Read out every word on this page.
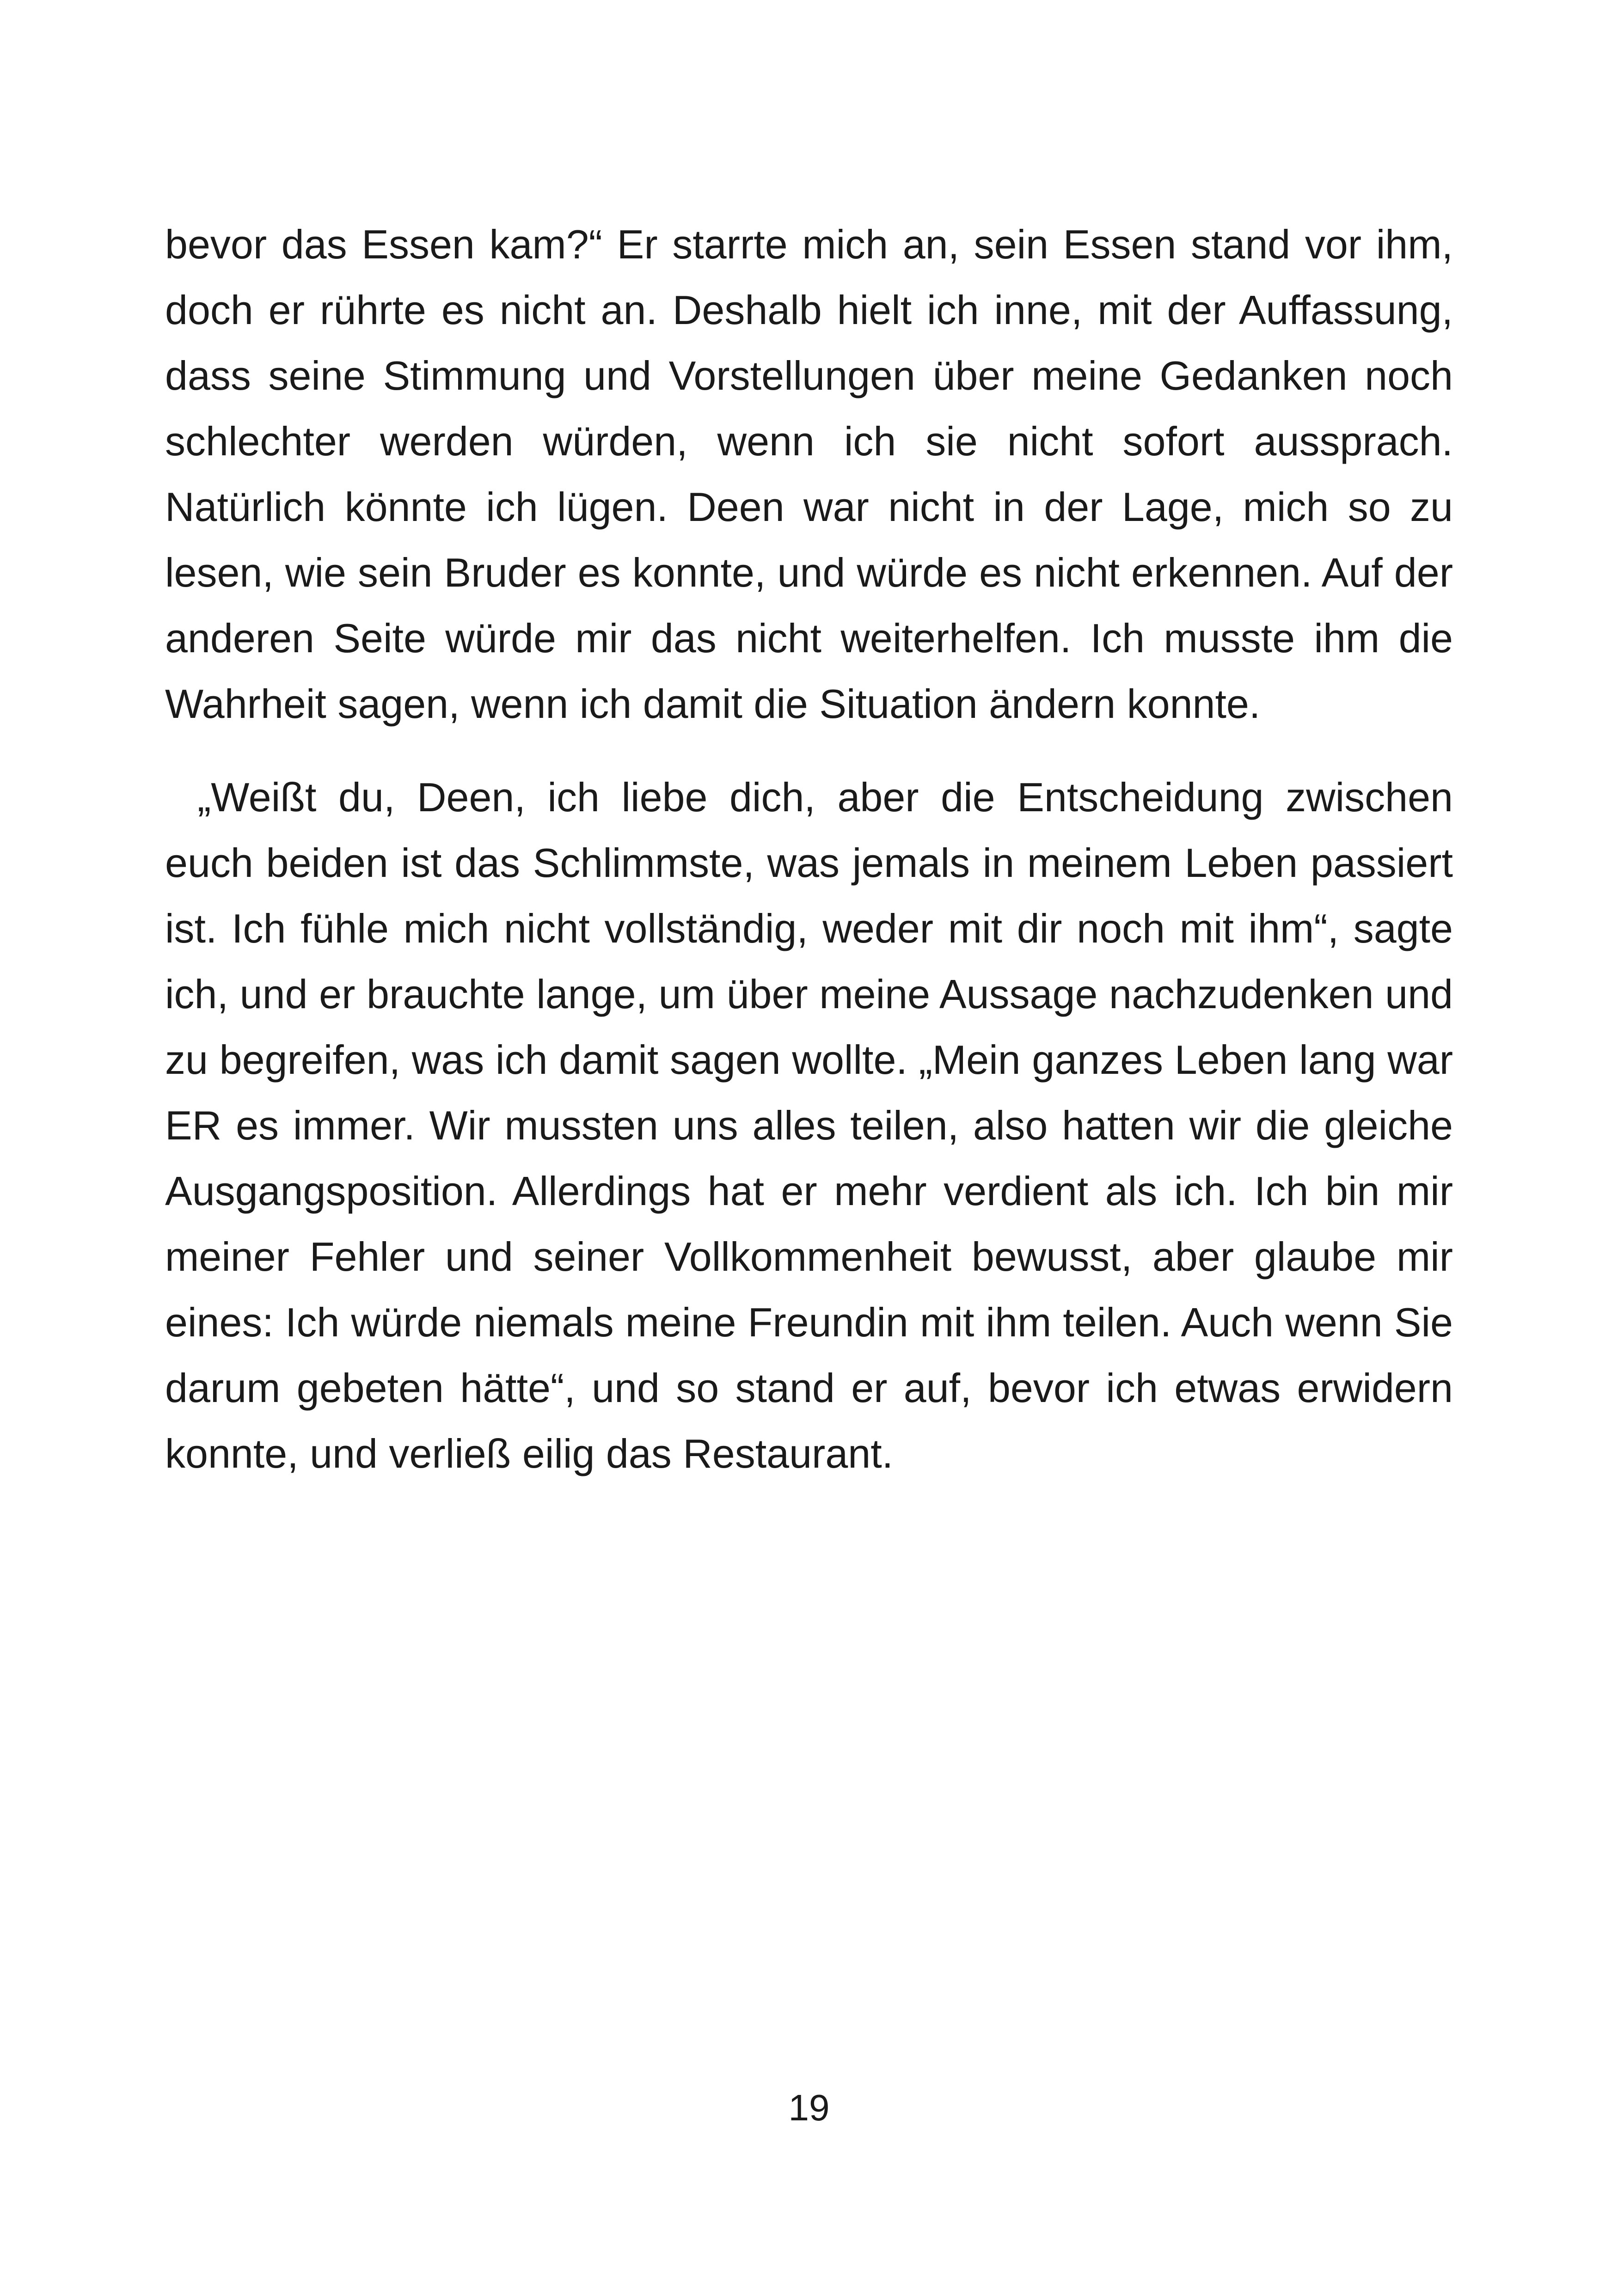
bevor das Essen kam?“ Er starrte mich an, sein Essen stand vor ihm, doch er rührte es nicht an. Deshalb hielt ich inne, mit der Auffassung, dass seine Stimmung und Vorstellungen über meine Gedanken noch schlechter werden würden, wenn ich sie nicht sofort aussprach. Natürlich könnte ich lügen. Deen war nicht in der Lage, mich so zu lesen, wie sein Bruder es konnte, und würde es nicht erkennen. Auf der anderen Seite würde mir das nicht weiterhelfen. Ich musste ihm die Wahrheit sagen, wenn ich damit die Situation ändern konnte.

„Weißt du, Deen, ich liebe dich, aber die Entscheidung zwischen euch beiden ist das Schlimmste, was jemals in meinem Leben passiert ist. Ich fühle mich nicht vollständig, weder mit dir noch mit ihm“, sagte ich, und er brauchte lange, um über meine Aussage nachzudenken und zu begreifen, was ich damit sagen wollte. „Mein ganzes Leben lang war ER es immer. Wir mussten uns alles teilen, also hatten wir die gleiche Ausgangsposition. Allerdings hat er mehr verdient als ich. Ich bin mir meiner Fehler und seiner Vollkommenheit bewusst, aber glaube mir eines: Ich würde niemals meine Freundin mit ihm teilen. Auch wenn Sie darum gebeten hätte“, und so stand er auf, bevor ich etwas erwidern konnte, und verließ eilig das Restaurant.

19
